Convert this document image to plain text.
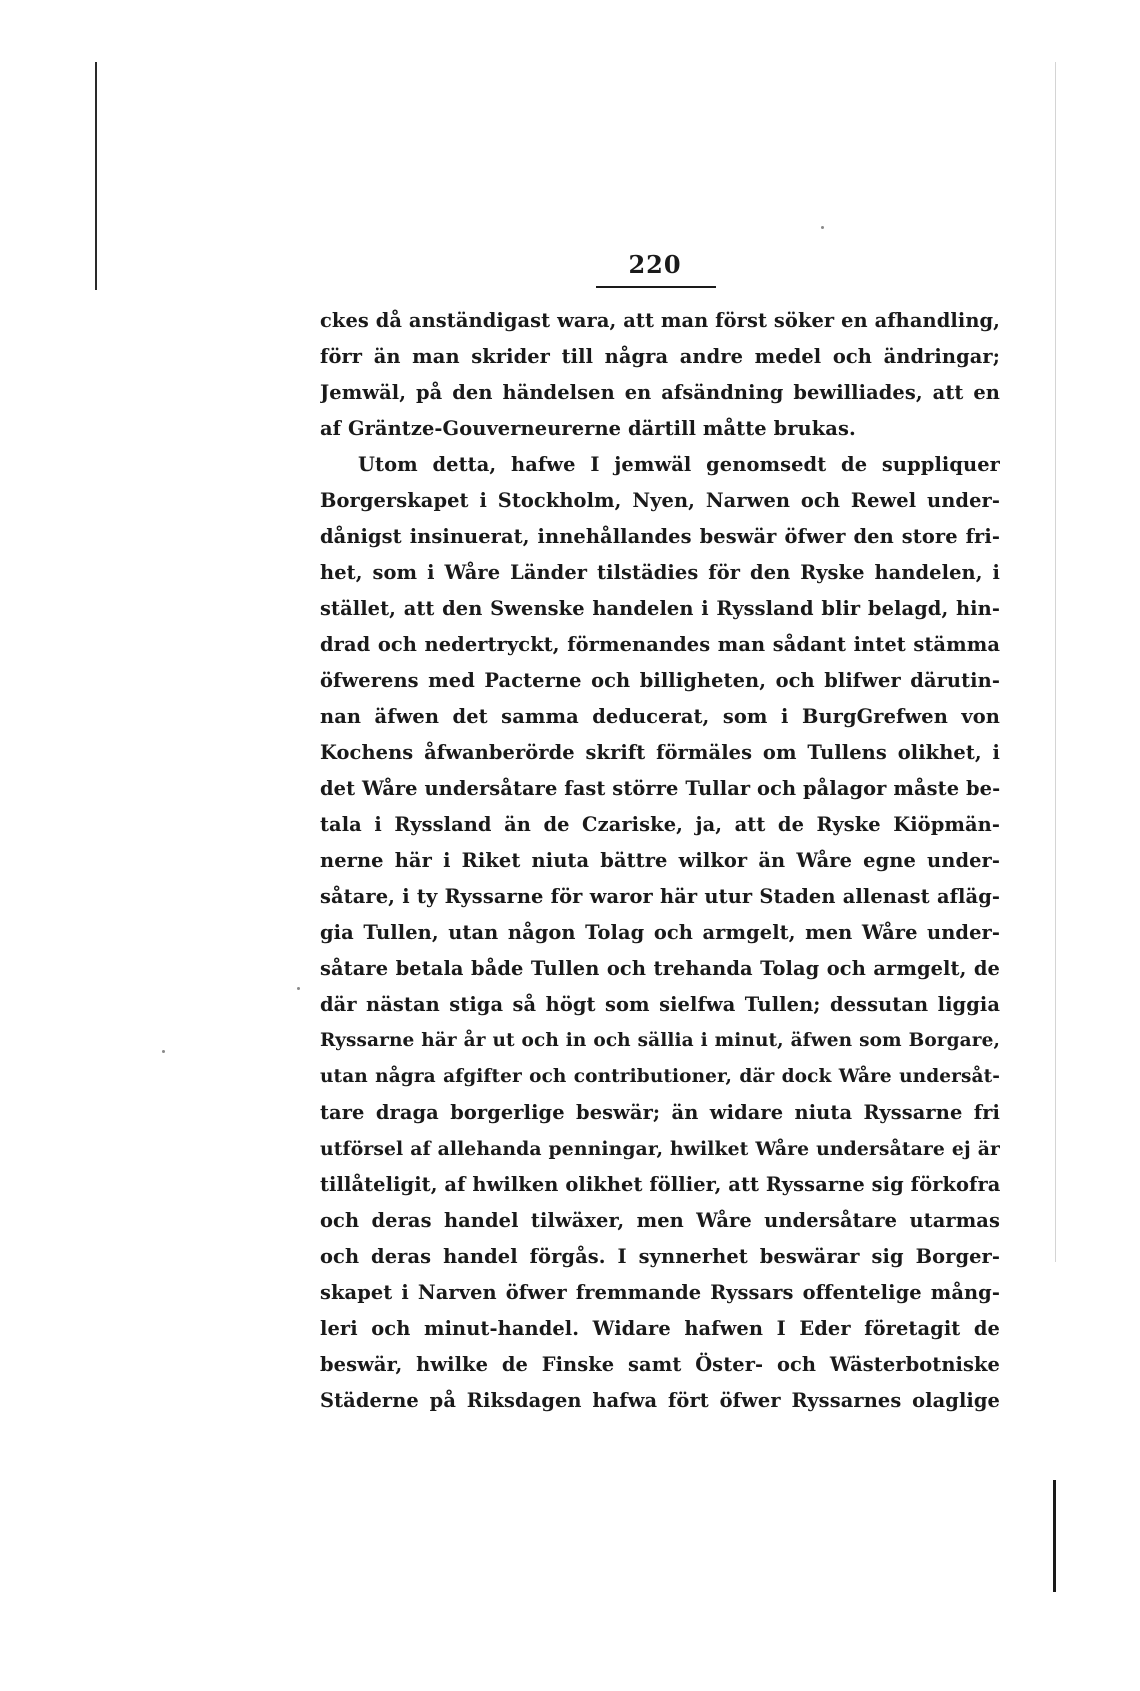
220
ckes då anständigast wara, att man först söker en afhandling,
förr än man skrider till några andre medel och ändringar;
Jemwäl, på den händelsen en afsändning bewilliades, att en
af Gräntze-Gouverneurerne därtill måtte brukas.
Utom detta, hafwe I jemwäl genomsedt de suppliquer
Borgerskapet i Stockholm, Nyen, Narwen och Rewel under-
dånigst insinuerat, innehållandes beswär öfwer den store fri-
het, som i Wåre Länder tilstädies för den Ryske handelen, i
stället, att den Swenske handelen i Ryssland blir belagd, hin-
drad och nedertryckt, förmenandes man sådant intet stämma
öfwerens med Pacterne och billigheten, och blifwer därutin-
nan äfwen det samma deducerat, som i BurgGrefwen von
Kochens åfwanberörde skrift förmäles om Tullens olikhet, i
det Wåre undersåtare fast större Tullar och pålagor måste be-
tala i Ryssland än de Czariske, ja, att de Ryske Kiöpmän-
nerne här i Riket niuta bättre wilkor än Wåre egne under-
såtare, i ty Ryssarne för waror här utur Staden allenast afläg-
gia Tullen, utan någon Tolag och armgelt, men Wåre under-
såtare betala både Tullen och trehanda Tolag och armgelt, de
där nästan stiga så högt som sielfwa Tullen; dessutan liggia
Ryssarne här år ut och in och sällia i minut, äfwen som Borgare,
utan några afgifter och contributioner, där dock Wåre undersåt-
tare draga borgerlige beswär; än widare niuta Ryssarne fri
utförsel af allehanda penningar, hwilket Wåre undersåtare ej är
tillåteligit, af hwilken olikhet föllier, att Ryssarne sig förkofra
och deras handel tilwäxer, men Wåre undersåtare utarmas
och deras handel förgås. I synnerhet beswärar sig Borger-
skapet i Narven öfwer fremmande Ryssars offentelige mång-
leri och minut-handel. Widare hafwen I Eder företagit de
beswär, hwilke de Finske samt Öster- och Wästerbotniske
Städerne på Riksdagen hafwa fört öfwer Ryssarnes olaglige
